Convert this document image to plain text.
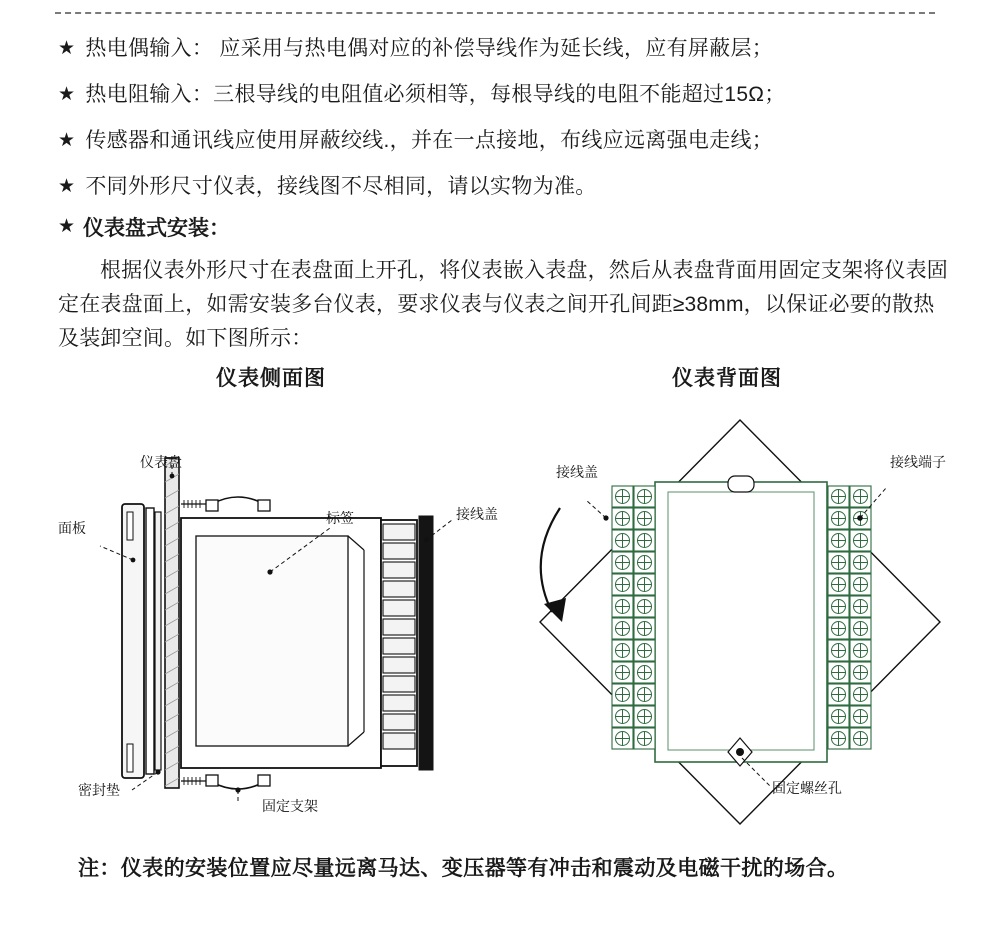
★ 热电偶输入： 应采用与热电偶对应的补偿导线作为延长线，应有屏蔽层；
★ 热电阻输入：三根导线的电阻值必须相等，每根导线的电阻不能超过15Ω；
★ 传感器和通讯线应使用屏蔽绞线.，并在一点接地，布线应远离强电走线；
★ 不同外形尺寸仪表，接线图不尽相同，请以实物为准。
★ 仪表盘式安装：
根据仪表外形尺寸在表盘面上开孔，将仪表嵌入表盘，然后从表盘背面用固定支架将仪表固定在表盘面上，如需安装多台仪表，要求仪表与仪表之间开孔间距≥38mm，以保证必要的散热及装卸空间。如下图所示：
仪表侧面图	仪表背面图
仪表盘
面板
标签	接线盖
密封垫
固定支架
接线盖
接线端子
固定螺丝孔
注：仪表的安装位置应尽量远离马达、变压器等有冲击和震动及电磁干扰的场合。
